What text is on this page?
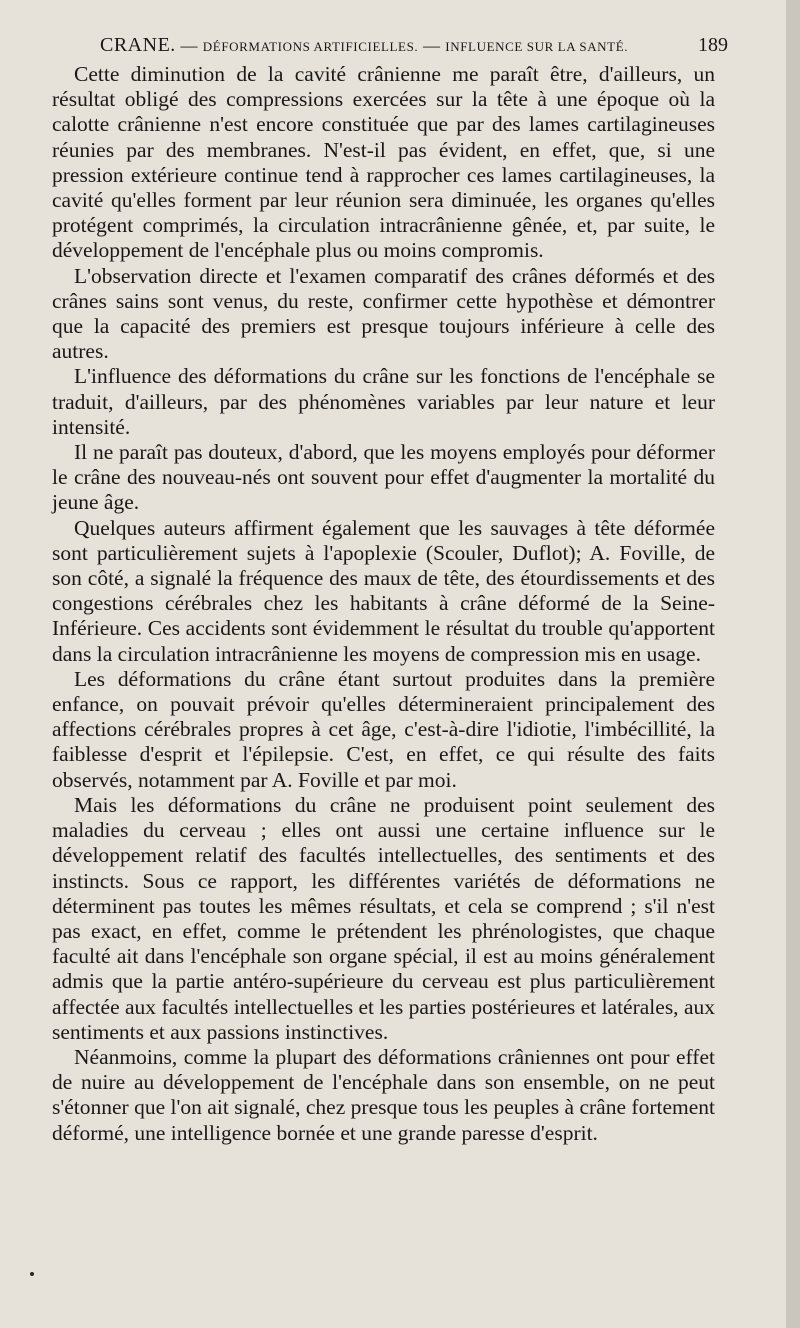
CRANE. — DÉFORMATIONS ARTIFICIELLES. — INFLUENCE SUR LA SANTÉ.	189

Cette diminution de la cavité crânienne me paraît être, d'ailleurs, un résultat obligé des compressions exercées sur la tête à une époque où la calotte crânienne n'est encore constituée que par des lames cartilagineuses réunies par des membranes. N'est-il pas évident, en effet, que, si une pression extérieure continue tend à rapprocher ces lames cartilagineuses, la cavité qu'elles forment par leur réunion sera diminuée, les organes qu'elles protégent comprimés, la circulation intracrânienne gênée, et, par suite, le développement de l'encéphale plus ou moins compromis.

L'observation directe et l'examen comparatif des crânes déformés et des crânes sains sont venus, du reste, confirmer cette hypothèse et démontrer que la capacité des premiers est presque toujours inférieure à celle des autres.

L'influence des déformations du crâne sur les fonctions de l'encéphale se traduit, d'ailleurs, par des phénomènes variables par leur nature et leur intensité.

Il ne paraît pas douteux, d'abord, que les moyens employés pour déformer le crâne des nouveau-nés ont souvent pour effet d'augmenter la mortalité du jeune âge.

Quelques auteurs affirment également que les sauvages à tête déformée sont particulièrement sujets à l'apoplexie (Scouler, Duflot); A. Foville, de son côté, a signalé la fréquence des maux de tête, des étourdissements et des congestions cérébrales chez les habitants à crâne déformé de la Seine-Inférieure. Ces accidents sont évidemment le résultat du trouble qu'apportent dans la circulation intracrânienne les moyens de compression mis en usage.

Les déformations du crâne étant surtout produites dans la première enfance, on pouvait prévoir qu'elles détermineraient principalement des affections cérébrales propres à cet âge, c'est-à-dire l'idiotie, l'imbécillité, la faiblesse d'esprit et l'épilepsie. C'est, en effet, ce qui résulte des faits observés, notamment par A. Foville et par moi.

Mais les déformations du crâne ne produisent point seulement des maladies du cerveau ; elles ont aussi une certaine influence sur le développement relatif des facultés intellectuelles, des sentiments et des instincts. Sous ce rapport, les différentes variétés de déformations ne déterminent pas toutes les mêmes résultats, et cela se comprend ; s'il n'est pas exact, en effet, comme le prétendent les phrénologistes, que chaque faculté ait dans l'encéphale son organe spécial, il est au moins généralement admis que la partie antéro-supérieure du cerveau est plus particulièrement affectée aux facultés intellectuelles et les parties postérieures et latérales, aux sentiments et aux passions instinctives.

Néanmoins, comme la plupart des déformations crâniennes ont pour effet de nuire au développement de l'encéphale dans son ensemble, on ne peut s'étonner que l'on ait signalé, chez presque tous les peuples à crâne fortement déformé, une intelligence bornée et une grande paresse d'esprit.
